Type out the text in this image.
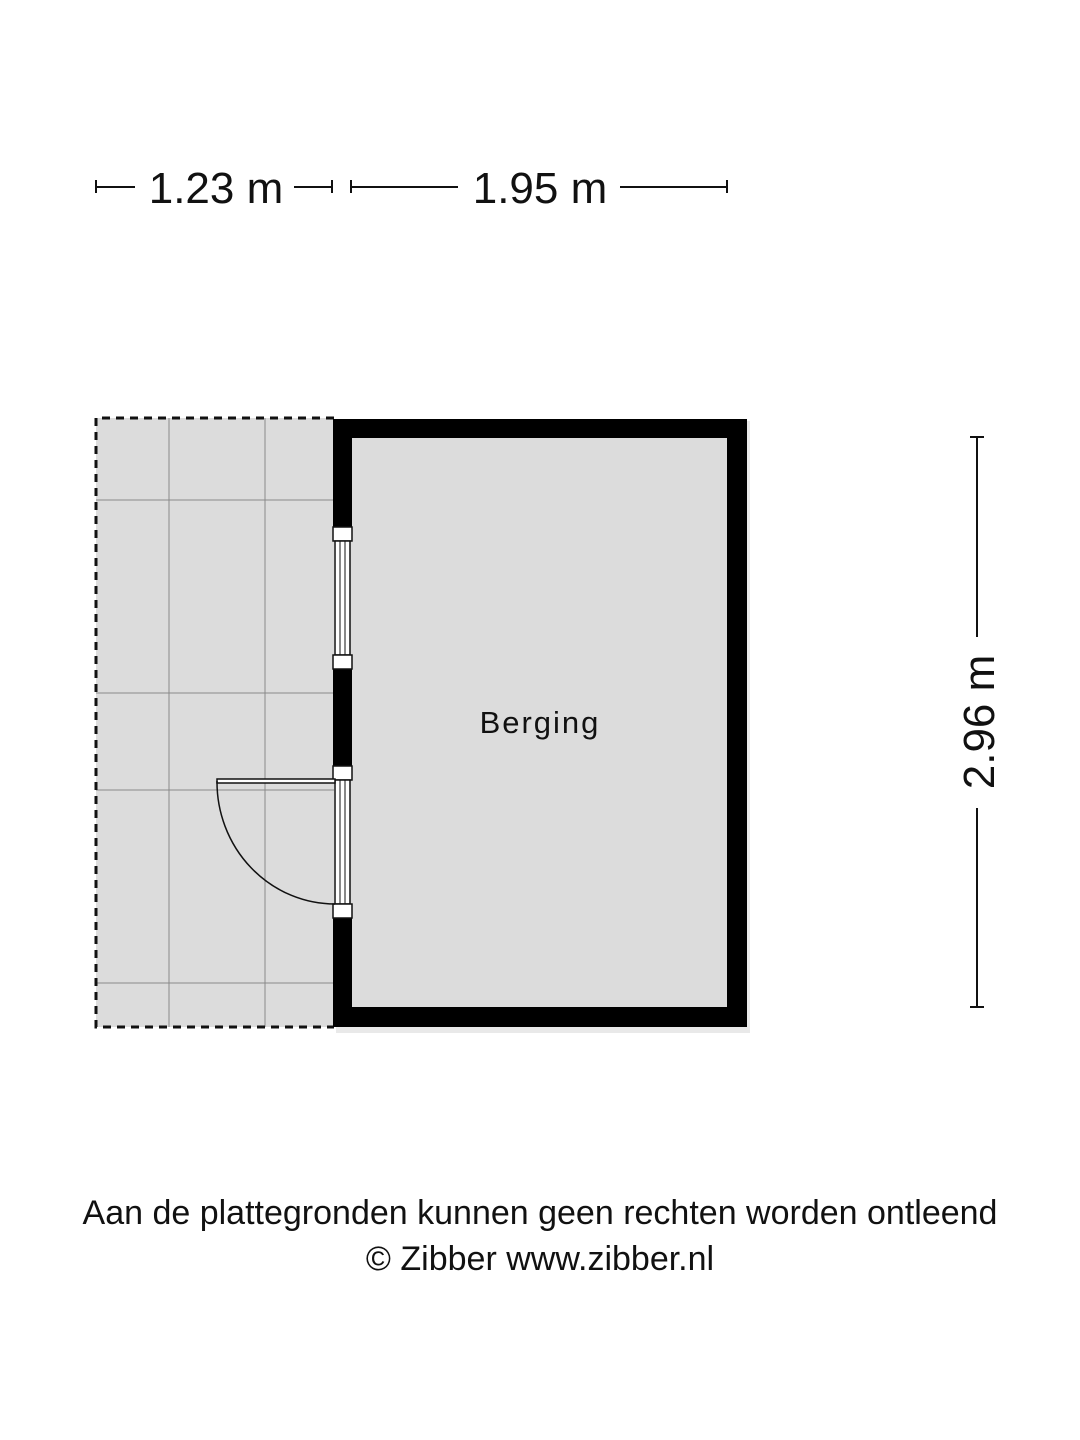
1.23 m	1.95 m
2.96 m
Berging
Aan de plattegronden kunnen geen rechten worden ontleend
© Zibber www.zibber.nl
